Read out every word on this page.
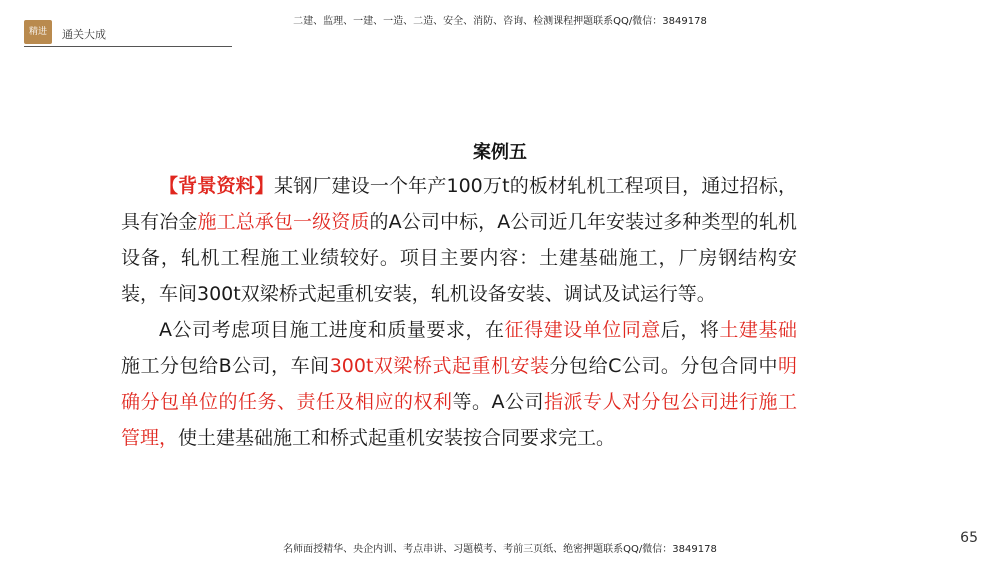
精进	通关大成
二建、监理、一建、一造、二造、安全、消防、咨询、检测课程押题联系QQ/微信：3849178
案例五

【背景资料】某钢厂建设一个年产100万t的板材轧机工程项目，通过招标，具有冶金施工总承包一级资质的A公司中标，A公司近几年安装过多种类型的轧机设备，轧机工程施工业绩较好。项目主要内容：土建基础施工，厂房钢结构安装，车间300t双梁桥式起重机安装，轧机设备安装、调试及试运行等。

A公司考虑项目施工进度和质量要求，在征得建设单位同意后，将土建基础施工分包给B公司，车间300t双梁桥式起重机安装分包给C公司。分包合同中明确分包单位的任务、责任及相应的权利等。A公司指派专人对分包公司进行施工管理，使土建基础施工和桥式起重机安装按合同要求完工。

名师面授精华、央企内训、考点串讲、习题模考、考前三页纸、绝密押题联系QQ/微信：3849178
65
